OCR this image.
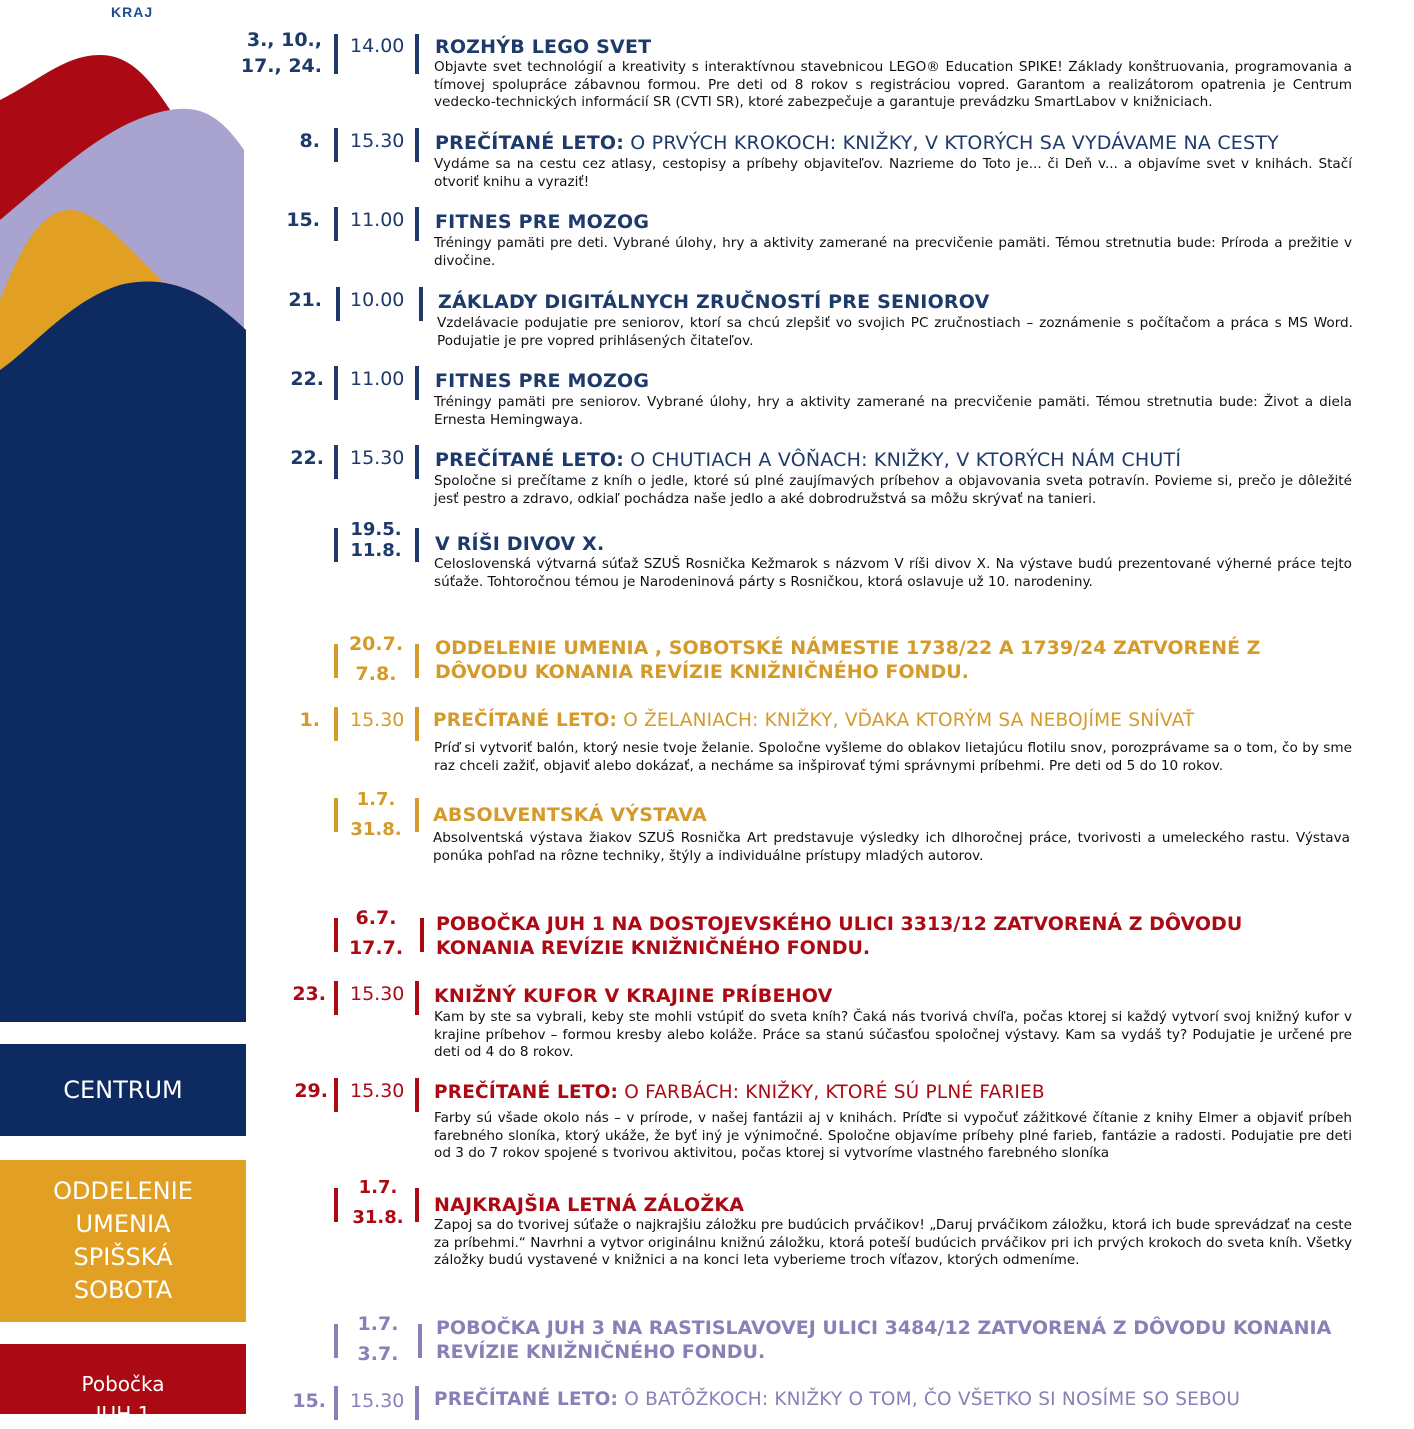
KRAJ
CENTRUM
ODDELENIE
UMENIA
SPIŠSKÁ
SOBOTA
Pobočka
JUH 1
3., 10.,
17., 24.
14.00 ROZHÝB LEGO SVET
Objavte svet technológií a kreativity s interaktívnou stavebnicou LEGO® Education SPIKE! Základy konštruovania, programovania a tímovej spolupráce zábavnou formou. Pre deti od 8 rokov s registráciou vopred. Garantom a realizátorom opatrenia je Centrum vedecko-technických informácií SR (CVTI SR), ktoré zabezpečuje a garantuje prevádzku SmartLabov v knižniciach.
8. 15.30 PREČÍTANÉ LETO: O PRVÝCH KROKOCH: KNIŽKY, V KTORÝCH SA VYDÁVAME NA CESTY
Vydáme sa na cestu cez atlasy, cestopisy a príbehy objaviteľov. Nazrieme do Toto je... či Deň v... a objavíme svet v knihách. Stačí otvoriť knihu a vyraziť!
15. 11.00 FITNES PRE MOZOG
Tréningy pamäti pre deti. Vybrané úlohy, hry a aktivity zamerané na precvičenie pamäti. Témou stretnutia bude: Príroda a prežitie v divočine.
21. 10.00 ZÁKLADY DIGITÁLNYCH ZRUČNOSTÍ PRE SENIOROV
Vzdelávacie podujatie pre seniorov, ktorí sa chcú zlepšiť vo svojich PC zručnostiach – zoznámenie s počítačom a práca s MS Word. Podujatie je pre vopred prihlásených čitateľov.
22. 11.00 FITNES PRE MOZOG
Tréningy pamäti pre seniorov. Vybrané úlohy, hry a aktivity zamerané na precvičenie pamäti. Témou stretnutia bude: Život a diela Ernesta Hemingwaya.
22. 15.30 PREČÍTANÉ LETO: O CHUTIACH A VÔŇACH: KNIŽKY, V KTORÝCH NÁM CHUTÍ
Spoločne si prečítame z kníh o jedle, ktoré sú plné zaujímavých príbehov a objavovania sveta potravín. Povieme si, prečo je dôležité jesť pestro a zdravo, odkiaľ pochádza naše jedlo a aké dobrodružstvá sa môžu skrývať na tanieri.
19.5.
11.8. V RÍŠI DIVOV X.
Celoslovenská výtvarná súťaž SZUŠ Rosnička Kežmarok s názvom V ríši divov X. Na výstave budú prezentované výherné práce tejto súťaže. Tohtoročnou témou je Narodeninová párty s Rosničkou, ktorá oslavuje už 10. narodeniny.
20.7.
7.8.
ODDELENIE UMENIA , SOBOTSKÉ NÁMESTIE 1738/22 A 1739/24 ZATVORENÉ Z DÔVODU KONANIA REVÍZIE KNIŽNIČNÉHO FONDU.
1. 15.30 PREČÍTANÉ LETO: O ŽELANIACH: KNIŽKY, VĎAKA KTORÝM SA NEBOJÍME SNÍVAŤ
Príď si vytvoriť balón, ktorý nesie tvoje želanie. Spoločne vyšleme do oblakov lietajúcu flotilu snov, porozprávame sa o tom, čo by sme raz chceli zažiť, objaviť alebo dokázať, a necháme sa inšpirovať tými správnymi príbehmi. Pre deti od 5 do 10 rokov.
1.7.
31.8.
ABSOLVENTSKÁ VÝSTAVA
Absolventská výstava žiakov SZUŠ Rosnička Art predstavuje výsledky ich dlhoročnej práce, tvorivosti a umeleckého rastu. Výstava ponúka pohľad na rôzne techniky, štýly a individuálne prístupy mladých autorov.
6.7.
17.7.
POBOČKA JUH 1 NA DOSTOJEVSKÉHO ULICI 3313/12 ZATVORENÁ Z DÔVODU KONANIA REVÍZIE KNIŽNIČNÉHO FONDU.
23. 15.30 KNIŽNÝ KUFOR V KRAJINE PRÍBEHOV
Kam by ste sa vybrali, keby ste mohli vstúpiť do sveta kníh? Čaká nás tvorivá chvíľa, počas ktorej si každý vytvorí svoj knižný kufor v krajine príbehov – formou kresby alebo koláže. Práce sa stanú súčasťou spoločnej výstavy. Kam sa vydáš ty? Podujatie je určené pre deti od 4 do 8 rokov.
29. 15.30 PREČÍTANÉ LETO: O FARBÁCH: KNIŽKY, KTORÉ SÚ PLNÉ FARIEB
Farby sú všade okolo nás – v prírode, v našej fantázii aj v knihách. Príďte si vypočuť zážitkové čítanie z knihy Elmer a objaviť príbeh farebného sloníka, ktorý ukáže, že byť iný je výnimočné. Spoločne objavíme príbehy plné farieb, fantázie a radosti. Podujatie pre deti od 3 do 7 rokov spojené s tvorivou aktivitou, počas ktorej si vytvoríme vlastného farebného sloníka
1.7.
31.8.
NAJKRAJŠIA LETNÁ ZÁLOŽKA
Zapoj sa do tvorivej súťaže o najkrajšiu záložku pre budúcich prváčikov! „Daruj prváčikom záložku, ktorá ich bude sprevádzať na ceste za príbehmi.“ Navrhni a vytvor originálnu knižnú záložku, ktorá poteší budúcich prváčikov pri ich prvých krokoch do sveta kníh. Všetky záložky budú vystavené v knižnici a na konci leta vyberieme troch víťazov, ktorých odmeníme.
1.7.
3.7.
POBOČKA JUH 3 NA RASTISLAVOVEJ ULICI 3484/12 ZATVORENÁ Z DÔVODU KONANIA REVÍZIE KNIŽNIČNÉHO FONDU.
15. 15.30 PREČÍTANÉ LETO: O BATÔŽKOCH: KNIŽKY O TOM, ČO VŠETKO SI NOSÍME SO SEBOU
